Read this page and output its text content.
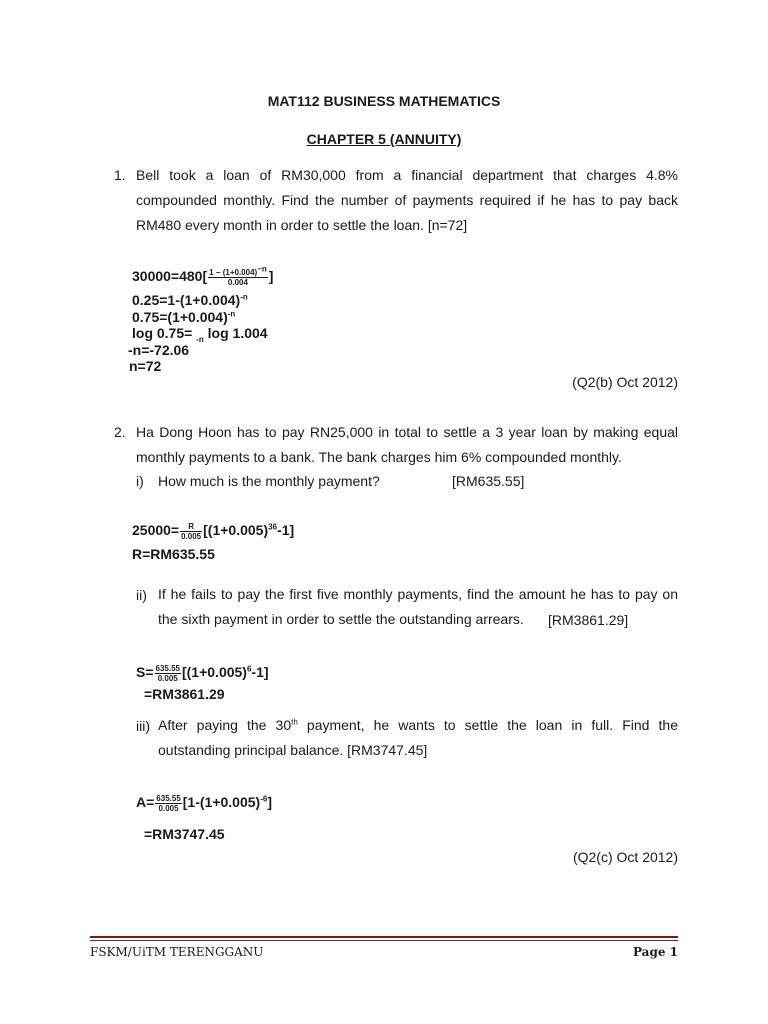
MAT112 BUSINESS MATHEMATICS
CHAPTER 5 (ANNUITY)
1. Bell took a loan of RM30,000 from a financial department that charges 4.8% compounded monthly. Find the number of payments required if he has to pay back RM480 every month in order to settle the loan. [n=72]
$30000=480[ \frac{1 - (1+0.004)^{-n}}{0.004}$ ]
$0.25=1-(1+0.004)^{-n}$
$0.75=(1+0.004)^{-n}$
log 0.75= $_{-n}$ log 1.004
-n=-72.06
n=72
(Q2(b) Oct 2012)
2. Ha Dong Hoon has to pay RN25,000 in total to settle a 3 year loan by making equal monthly payments to a bank. The bank charges him 6% compounded monthly.
i) How much is the monthly payment?	[RM635.55]
$25000= \frac{R}{0.005} [(1+0.005)^{36}-1]$
R=RM635.55
ii) If he fails to pay the first five monthly payments, find the amount he has to pay on the sixth payment in order to settle the outstanding arrears.	[RM3861.29]
$S= \frac{635.55}{0.005} [(1+0.005)^6-1]$
=RM3861.29
iii) After paying the 30th payment, he wants to settle the loan in full. Find the outstanding principal balance. [RM3747.45]
$A= \frac{635.55}{0.005} [1-(1+0.005)^{-6}]$
=RM3747.45
(Q2(c) Oct 2012)
FSKM/UiTM TERENGGANU	Page 1
